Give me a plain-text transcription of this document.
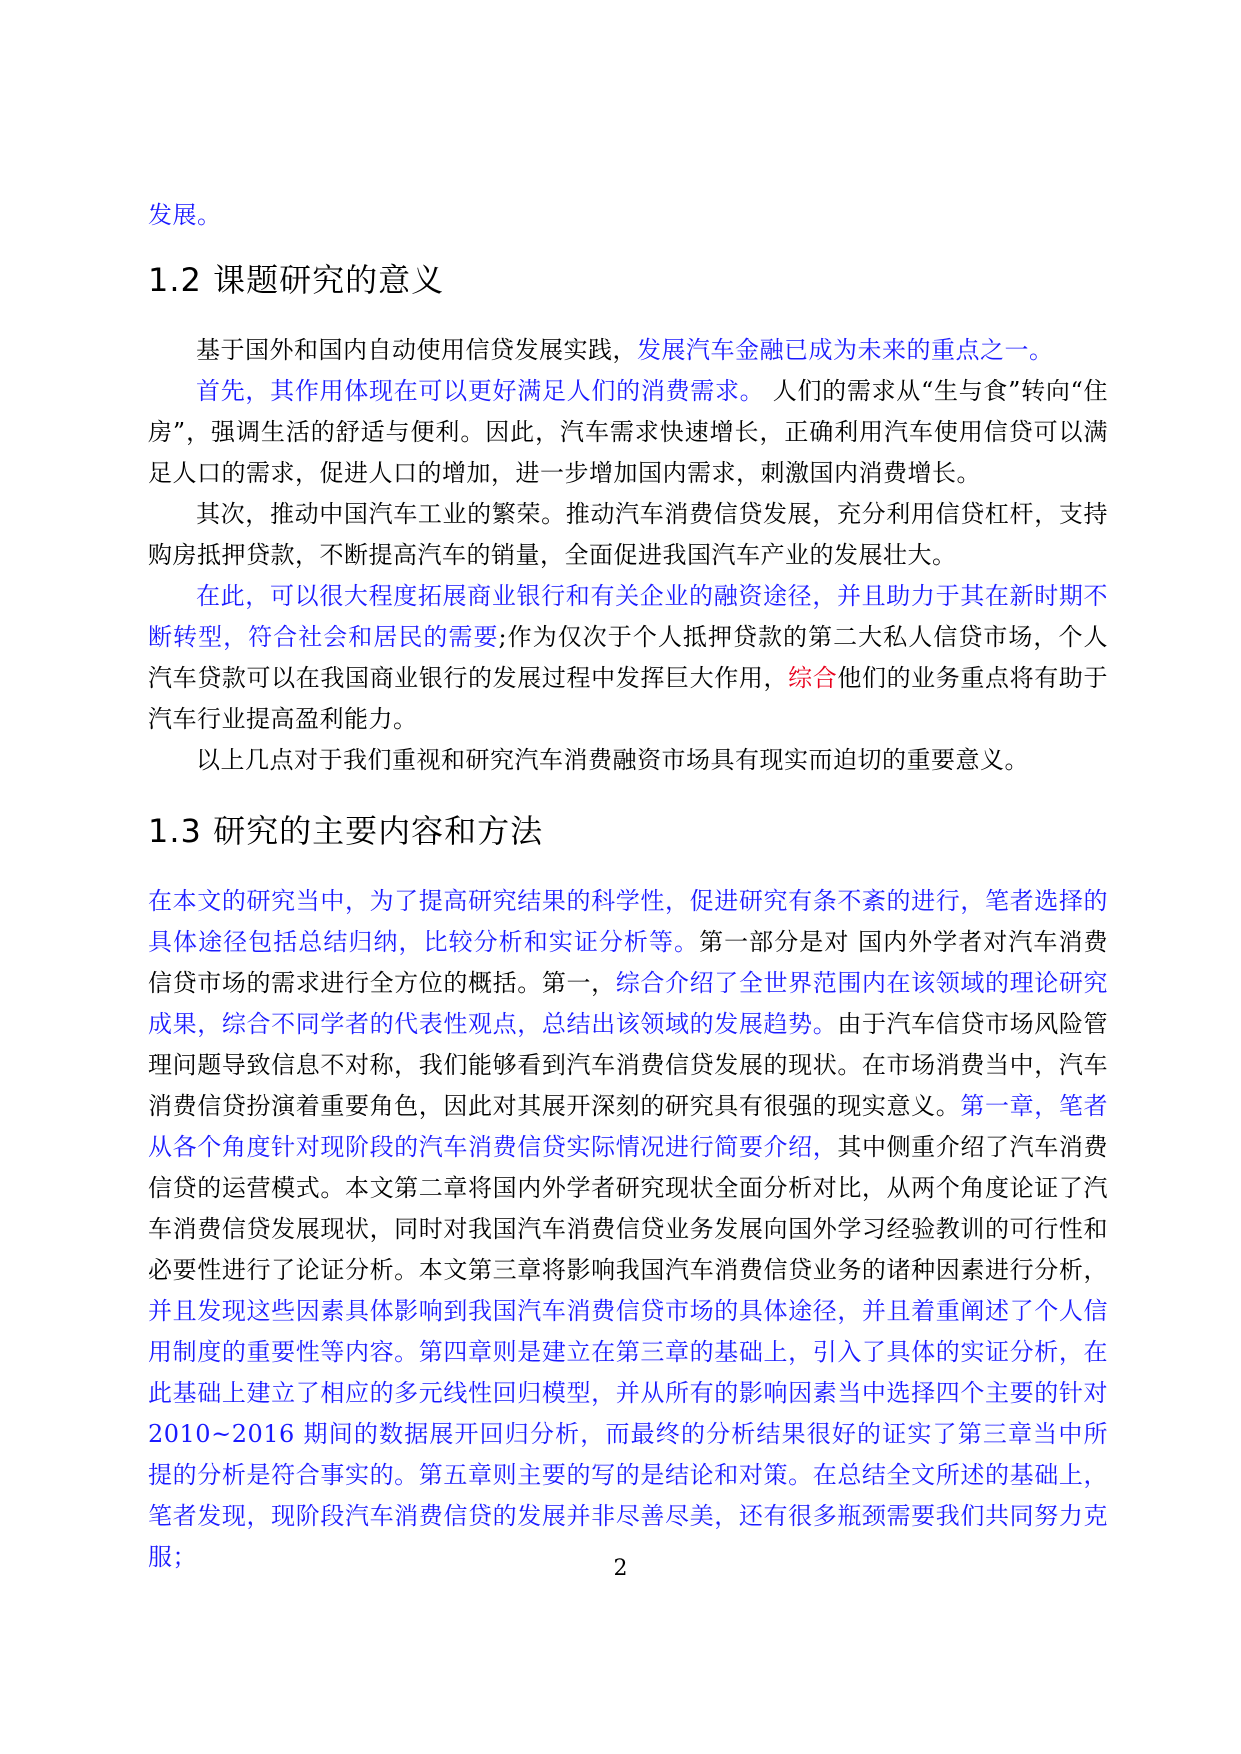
发展。

1.2 课题研究的意义

基于国外和国内自动使用信贷发展实践，发展汽车金融已成为未来的重点之一。

首先，其作用体现在可以更好满足人们的消费需求。 人们的需求从“生与食”转向“住房”，强调生活的舒适与便利。因此，汽车需求快速增长，正确利用汽车使用信贷可以满足人口的需求，促进人口的增加，进一步增加国内需求，刺激国内消费增长。

其次，推动中国汽车工业的繁荣。推动汽车消费信贷发展，充分利用信贷杠杆，支持购房抵押贷款，不断提高汽车的销量，全面促进我国汽车产业的发展壮大。

在此，可以很大程度拓展商业银行和有关企业的融资途径，并且助力于其在新时期不断转型，符合社会和居民的需要;作为仅次于个人抵押贷款的第二大私人信贷市场，个人汽车贷款可以在我国商业银行的发展过程中发挥巨大作用，综合他们的业务重点将有助于汽车行业提高盈利能力。

以上几点对于我们重视和研究汽车消费融资市场具有现实而迫切的重要意义。

1.3 研究的主要内容和方法

在本文的研究当中，为了提高研究结果的科学性，促进研究有条不紊的进行，笔者选择的具体途径包括总结归纳，比较分析和实证分析等。第一部分是对 国内外学者对汽车消费信贷市场的需求进行全方位的概括。第一，综合介绍了全世界范围内在该领域的理论研究成果，综合不同学者的代表性观点，总结出该领域的发展趋势。由于汽车信贷市场风险管理问题导致信息不对称，我们能够看到汽车消费信贷发展的现状。在市场消费当中，汽车消费信贷扮演着重要角色，因此对其展开深刻的研究具有很强的现实意义。第一章，笔者从各个角度针对现阶段的汽车消费信贷实际情况进行简要介绍，其中侧重介绍了汽车消费信贷的运营模式。本文第二章将国内外学者研究现状全面分析对比，从两个角度论证了汽车消费信贷发展现状，同时对我国汽车消费信贷业务发展向国外学习经验教训的可行性和必要性进行了论证分析。本文第三章将影响我国汽车消费信贷业务的诸种因素进行分析，并且发现这些因素具体影响到我国汽车消费信贷市场的具体途径，并且着重阐述了个人信用制度的重要性等内容。第四章则是建立在第三章的基础上，引入了具体的实证分析，在此基础上建立了相应的多元线性回归模型，并从所有的影响因素当中选择四个主要的针对2010~2016 期间的数据展开回归分析，而最终的分析结果很好的证实了第三章当中所提的分析是符合事实的。第五章则主要的写的是结论和对策。在总结全文所述的基础上，笔者发现，现阶段汽车消费信贷的发展并非尽善尽美，还有很多瓶颈需要我们共同努力克服；	2
